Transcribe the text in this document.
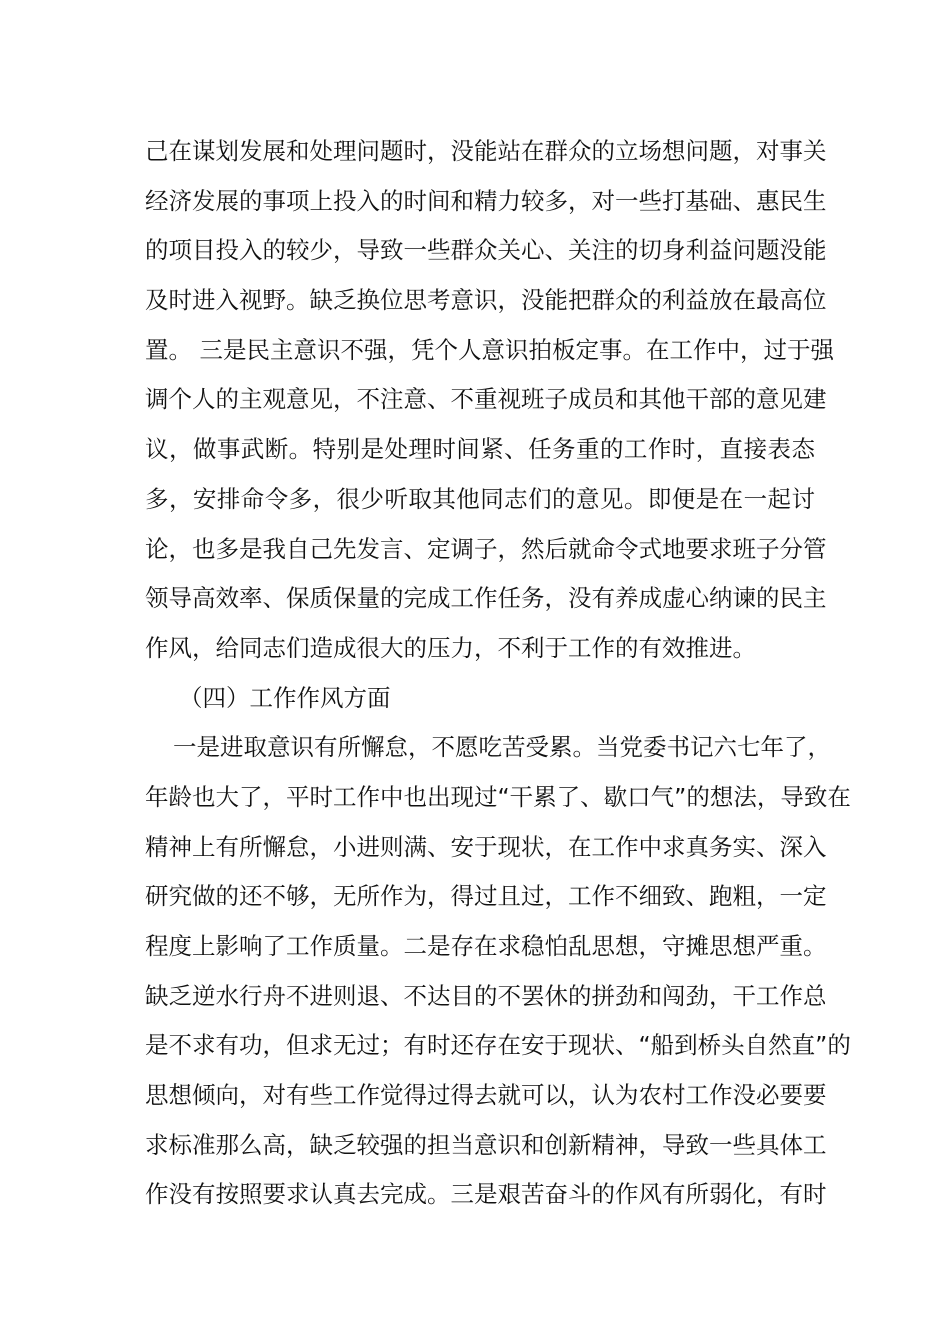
己在谋划发展和处理问题时，没能站在群众的立场想问题，对事关
经济发展的事项上投入的时间和精力较多，对一些打基础、惠民生
的项目投入的较少，导致一些群众关心、关注的切身利益问题没能
及时进入视野。缺乏换位思考意识，没能把群众的利益放在最高位
置。 三是民主意识不强，凭个人意识拍板定事。在工作中，过于强
调个人的主观意见，不注意、不重视班子成员和其他干部的意见建
议，做事武断。特别是处理时间紧、任务重的工作时，直接表态
多，安排命令多，很少听取其他同志们的意见。即便是在一起讨
论，也多是我自己先发言、定调子，然后就命令式地要求班子分管
领导高效率、保质保量的完成工作任务，没有养成虚心纳谏的民主
作风，给同志们造成很大的压力，不利于工作的有效推进。
（四）工作作风方面
一是进取意识有所懈怠，不愿吃苦受累。当党委书记六七年了，
年龄也大了，平时工作中也出现过“干累了、歇口气”的想法，导致在
精神上有所懈怠，小进则满、安于现状，在工作中求真务实、深入
研究做的还不够，无所作为，得过且过，工作不细致、跑粗，一定
程度上影响了工作质量。二是存在求稳怕乱思想，守摊思想严重。
缺乏逆水行舟不进则退、不达目的不罢休的拼劲和闯劲，干工作总
是不求有功，但求无过；有时还存在安于现状、“船到桥头自然直”的
思想倾向，对有些工作觉得过得去就可以，认为农村工作没必要要
求标准那么高，缺乏较强的担当意识和创新精神，导致一些具体工
作没有按照要求认真去完成。三是艰苦奋斗的作风有所弱化，有时
